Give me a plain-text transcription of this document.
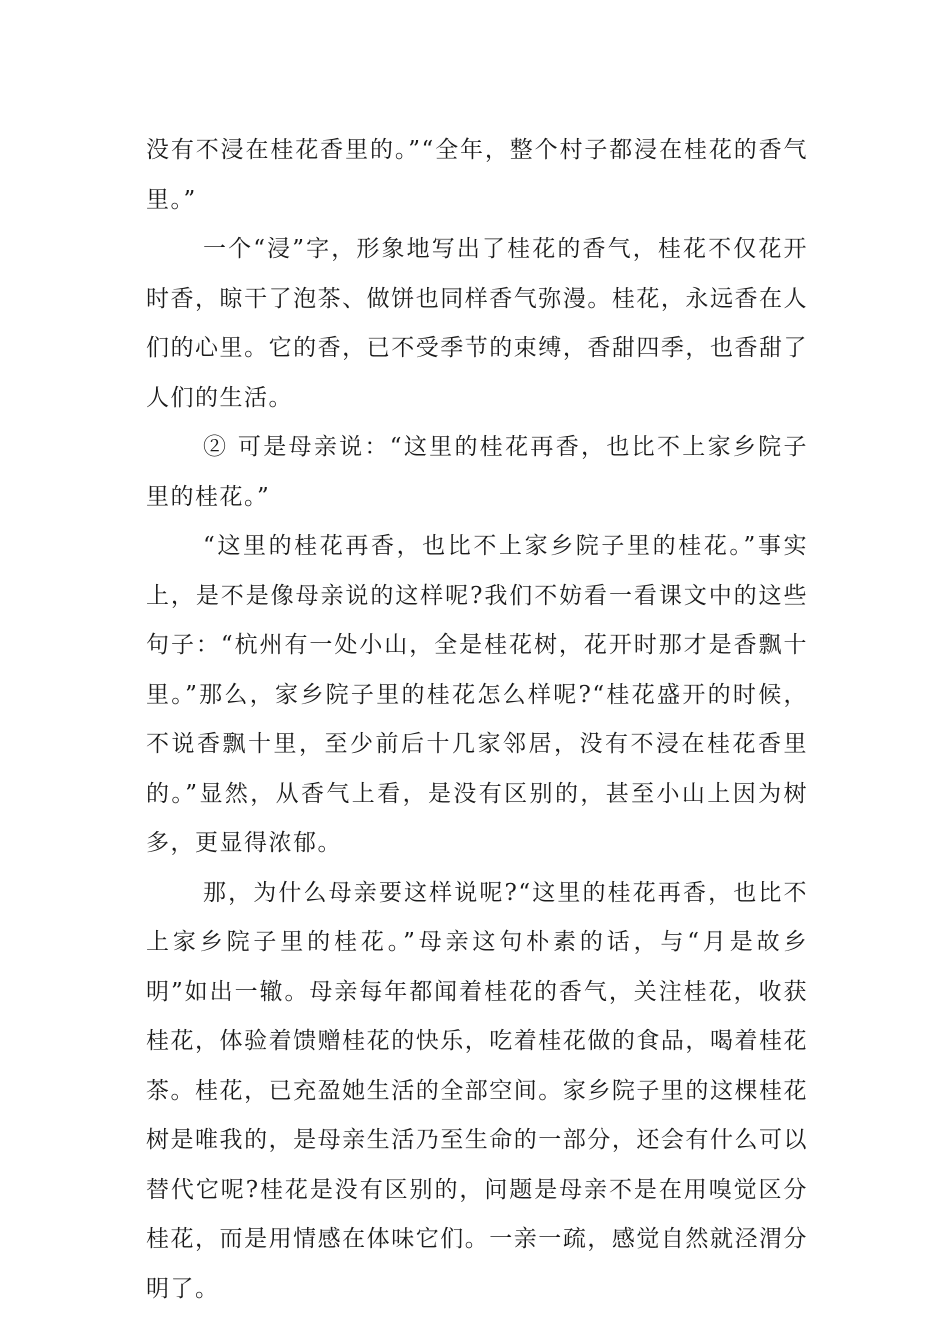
没有不浸在桂花香里的。”“全年，整个村子都浸在桂花的香气里。”

一个“浸”字，形象地写出了桂花的香气，桂花不仅花开时香，晾干了泡茶、做饼也同样香气弥漫。桂花，永远香在人们的心里。它的香，已不受季节的束缚，香甜四季，也香甜了人们的生活。

② 可是母亲说：“这里的桂花再香，也比不上家乡院子里的桂花。”

“这里的桂花再香，也比不上家乡院子里的桂花。”事实上，是不是像母亲说的这样呢?我们不妨看一看课文中的这些句子：“杭州有一处小山，全是桂花树，花开时那才是香飘十里。”那么，家乡院子里的桂花怎么样呢?“桂花盛开的时候，不说香飘十里，至少前后十几家邻居，没有不浸在桂花香里的。”显然，从香气上看，是没有区别的，甚至小山上因为树多，更显得浓郁。

那，为什么母亲要这样说呢?“这里的桂花再香，也比不上家乡院子里的桂花。”母亲这句朴素的话，与“月是故乡明”如出一辙。母亲每年都闻着桂花的香气，关注桂花，收获桂花，体验着馈赠桂花的快乐，吃着桂花做的食品，喝着桂花茶。桂花，已充盈她生活的全部空间。家乡院子里的这棵桂花树是唯我的，是母亲生活乃至生命的一部分，还会有什么可以替代它呢?桂花是没有区别的，问题是母亲不是在用嗅觉区分桂花，而是用情感在体味它们。一亲一疏，感觉自然就泾渭分明了。
